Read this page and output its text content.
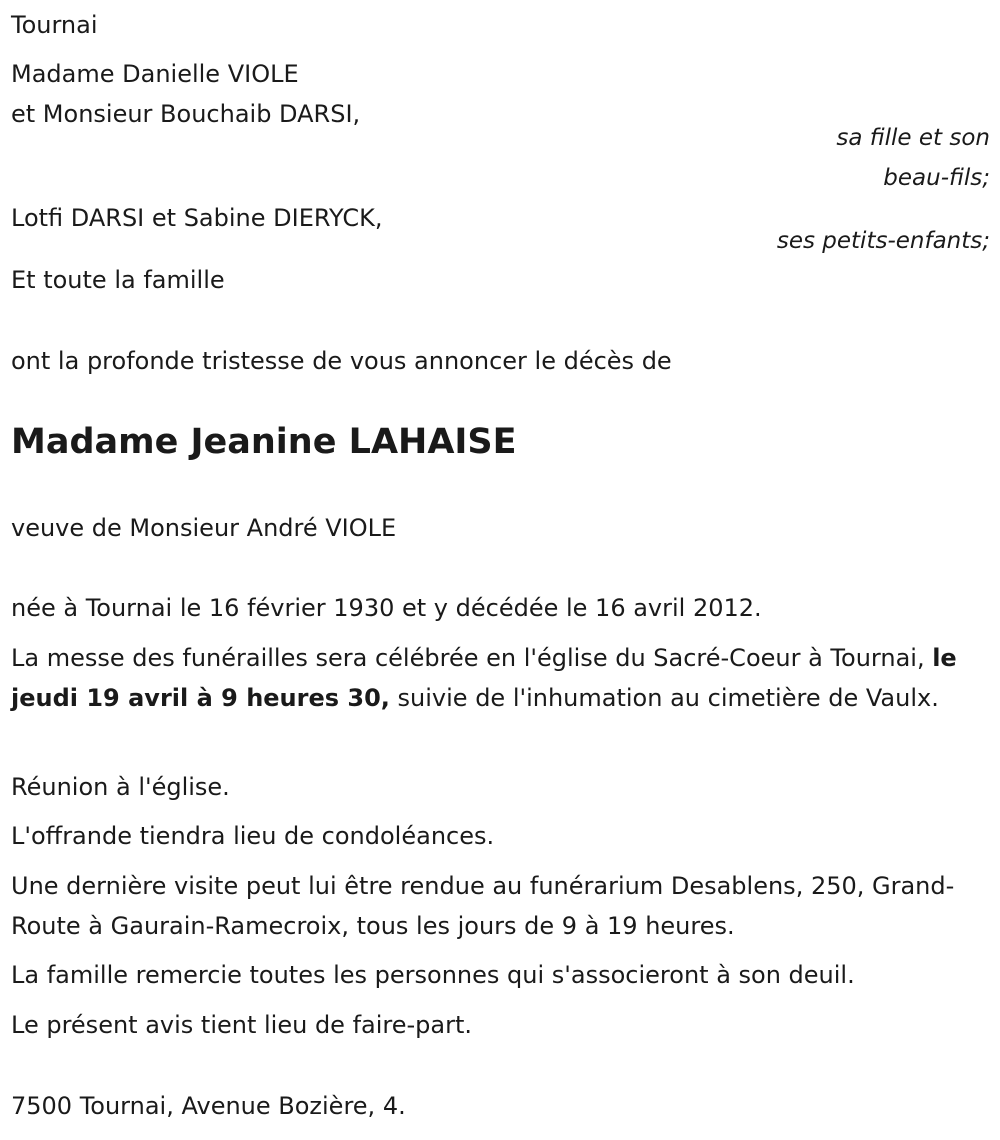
Tournai
Madame Danielle VIOLE
et Monsieur Bouchaib DARSI,
sa fille et son
beau-fils;
Lotfi DARSI et Sabine DIERYCK,
ses petits-enfants;
Et toute la famille
ont la profonde tristesse de vous annoncer le décès de
Madame Jeanine LAHAISE
veuve de Monsieur André VIOLE
née à Tournai le 16 février 1930 et y décédée le 16 avril 2012.
La messe des funérailles sera célébrée en l'église du Sacré-Coeur à Tournai, le jeudi 19 avril à 9 heures 30, suivie de l'inhumation au cimetière de Vaulx.
Réunion à l'église.
L'offrande tiendra lieu de condoléances.
Une dernière visite peut lui être rendue au funérarium Desablens, 250, Grand-Route à Gaurain-Ramecroix, tous les jours de 9 à 19 heures.
La famille remercie toutes les personnes qui s'associeront à son deuil.
Le présent avis tient lieu de faire-part.
7500 Tournai, Avenue Bozière, 4.
